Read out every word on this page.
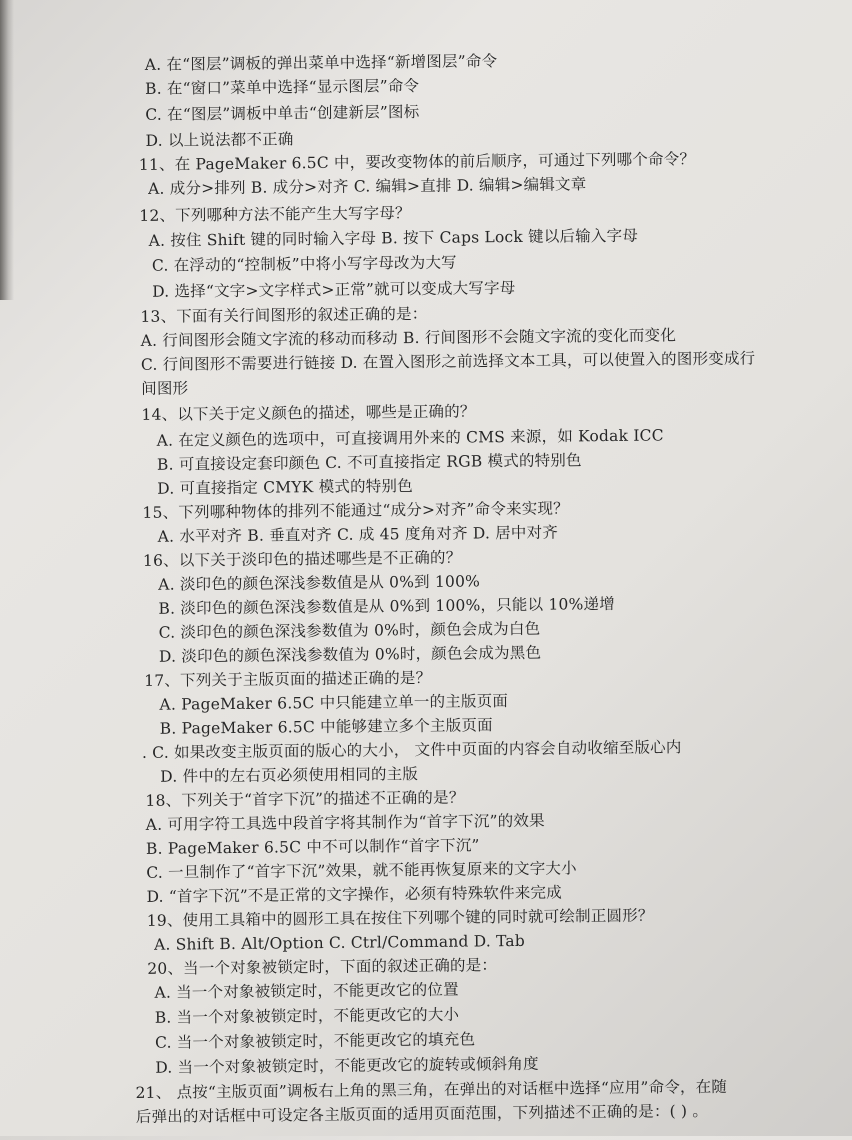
A. 在“图层”调板的弹出菜单中选择“新增图层”命令
B. 在“窗口”菜单中选择“显示图层”命令
C. 在“图层”调板中单击“创建新层”图标
D. 以上说法都不正确
11、在 PageMaker 6.5C 中，要改变物体的前后顺序，可通过下列哪个命令？
A. 成分>排列 B. 成分>对齐 C. 编辑>直排 D. 编辑>编辑文章
12、下列哪种方法不能产生大写字母？
A. 按住 Shift 键的同时输入字母 B. 按下 Caps Lock 键以后输入字母
C. 在浮动的“控制板”中将小写字母改为大写
D. 选择“文字>文字样式>正常”就可以变成大写字母
13、下面有关行间图形的叙述正确的是：
A. 行间图形会随文字流的移动而移动 B. 行间图形不会随文字流的变化而变化
C. 行间图形不需要进行链接 D. 在置入图形之前选择文本工具，可以使置入的图形变成行
间图形
14、以下关于定义颜色的描述，哪些是正确的？
A. 在定义颜色的选项中，可直接调用外来的 CMS 来源，如 Kodak ICC
B. 可直接设定套印颜色 C. 不可直接指定 RGB 模式的特别色
D. 可直接指定 CMYK 模式的特别色
15、下列哪种物体的排列不能通过“成分>对齐”命令来实现？
A. 水平对齐 B. 垂直对齐 C. 成 45 度角对齐 D. 居中对齐
16、以下关于淡印色的描述哪些是不正确的？
A. 淡印色的颜色深浅参数值是从 0%到 100%
B. 淡印色的颜色深浅参数值是从 0%到 100%，只能以 10%递增
C. 淡印色的颜色深浅参数值为 0%时，颜色会成为白色
D. 淡印色的颜色深浅参数值为 0%时，颜色会成为黑色
17、下列关于主版页面的描述正确的是？
A. PageMaker 6.5C 中只能建立单一的主版页面
B. PageMaker 6.5C 中能够建立多个主版页面
. C. 如果改变主版页面的版心的大小， 文件中页面的内容会自动收缩至版心内
D. 件中的左右页必须使用相同的主版
18、下列关于“首字下沉”的描述不正确的是？
A. 可用字符工具选中段首字将其制作为“首字下沉”的效果
B. PageMaker 6.5C 中不可以制作“首字下沉”
C. 一旦制作了“首字下沉”效果，就不能再恢复原来的文字大小
D. “首字下沉”不是正常的文字操作，必须有特殊软件来完成
19、使用工具箱中的圆形工具在按住下列哪个键的同时就可绘制正圆形？
A. Shift B. Alt/Option C. Ctrl/Command D. Tab
20、当一个对象被锁定时，下面的叙述正确的是：
A. 当一个对象被锁定时，不能更改它的位置
B. 当一个对象被锁定时，不能更改它的大小
C. 当一个对象被锁定时，不能更改它的填充色
D. 当一个对象被锁定时，不能更改它的旋转或倾斜角度
21、 点按“主版页面”调板右上角的黑三角，在弹出的对话框中选择“应用”命令，在随
后弹出的对话框中可设定各主版页面的适用页面范围，下列描述不正确的是：( ) 。
